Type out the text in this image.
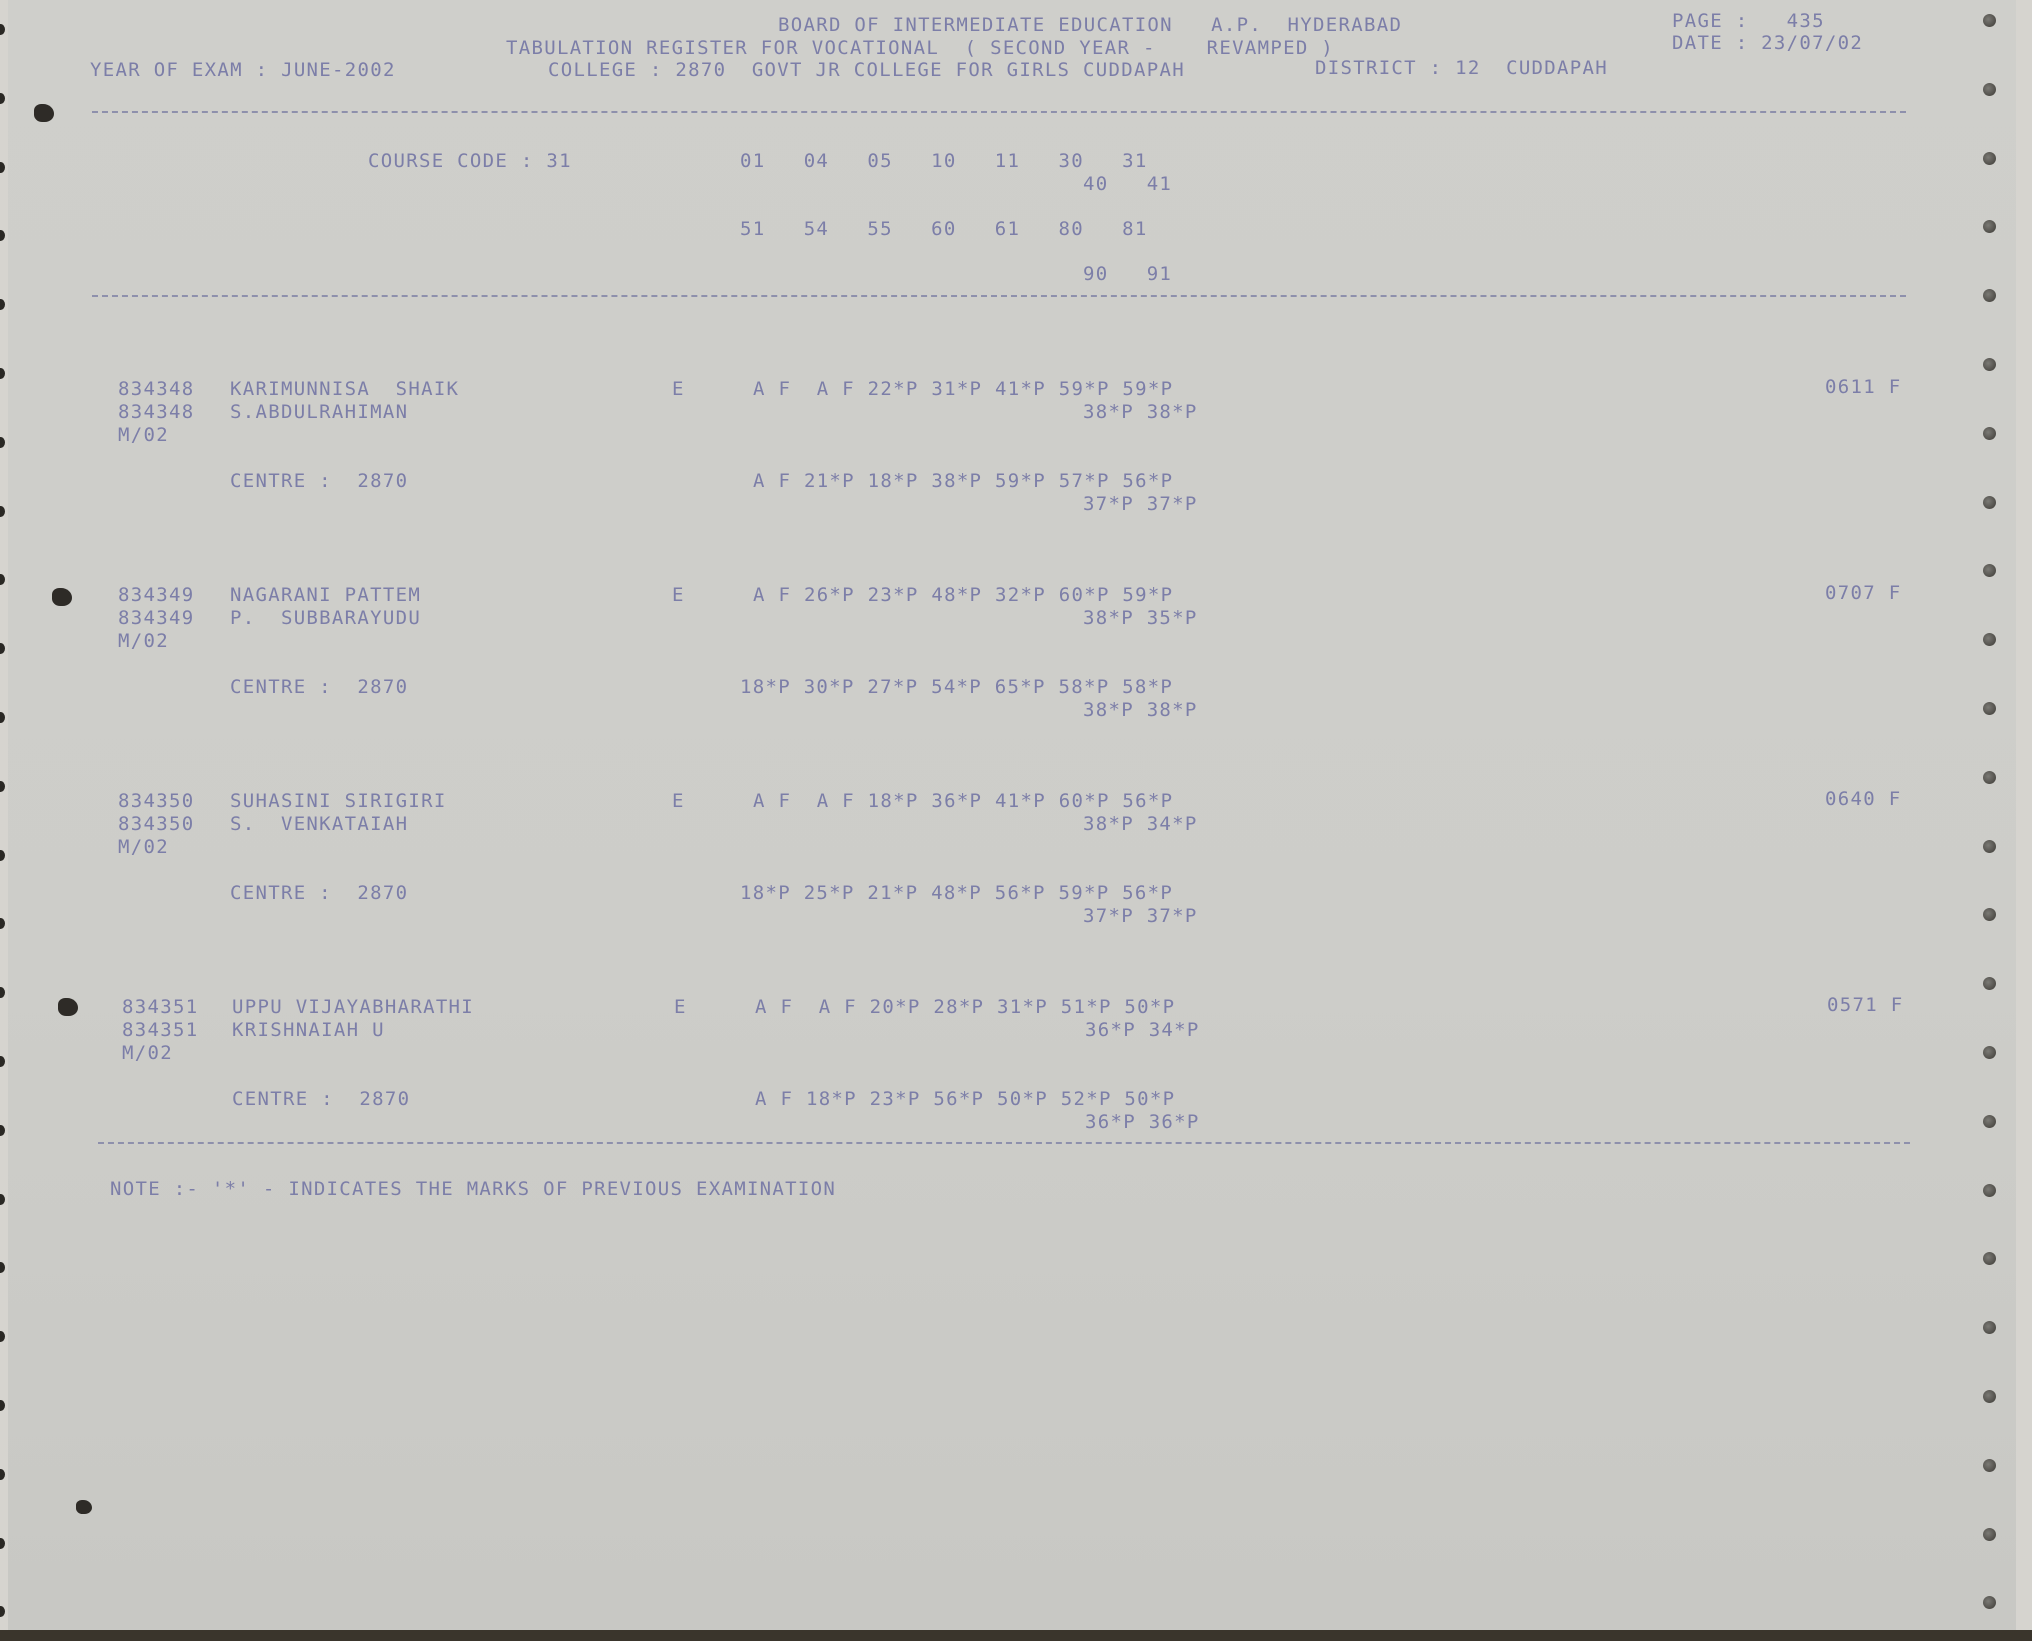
BOARD OF INTERMEDIATE EDUCATION   A.P.  HYDERABAD	PAGE :   435
TABULATION REGISTER FOR VOCATIONAL  ( SECOND YEAR -    REVAMPED )	DATE : 23/07/02
YEAR OF EXAM : JUNE-2002	COLLEGE : 2870  GOVT JR COLLEGE FOR GIRLS CUDDAPAH	DISTRICT : 12  CUDDAPAH
COURSE CODE : 31	01   04   05   10   11   30   31
40   41
51   54   55   60   61   80   81
90   91
834348 KARIMUNNISA  SHAIK	E	A F  A F 22*P 31*P 41*P 59*P 59*P	0611 F
834348 S.ABDULRAHIMAN	38*P 38*P
M/02
CENTRE :  2870	A F 21*P 18*P 38*P 59*P 57*P 56*P
37*P 37*P
834349 NAGARANI PATTEM	E	A F 26*P 23*P 48*P 32*P 60*P 59*P	0707 F
834349 P.  SUBBARAYUDU	38*P 35*P
M/02
CENTRE :  2870	18*P 30*P 27*P 54*P 65*P 58*P 58*P
38*P 38*P
834350 SUHASINI SIRIGIRI	E	A F  A F 18*P 36*P 41*P 60*P 56*P	0640 F
834350 S.  VENKATAIAH	38*P 34*P
M/02
CENTRE :  2870	18*P 25*P 21*P 48*P 56*P 59*P 56*P
37*P 37*P
834351 UPPU VIJAYABHARATHI	E	A F  A F 20*P 28*P 31*P 51*P 50*P	0571 F
834351 KRISHNAIAH U	36*P 34*P
M/02
CENTRE :  2870	A F 18*P 23*P 56*P 50*P 52*P 50*P
36*P 36*P
NOTE :- '*' - INDICATES THE MARKS OF PREVIOUS EXAMINATION
